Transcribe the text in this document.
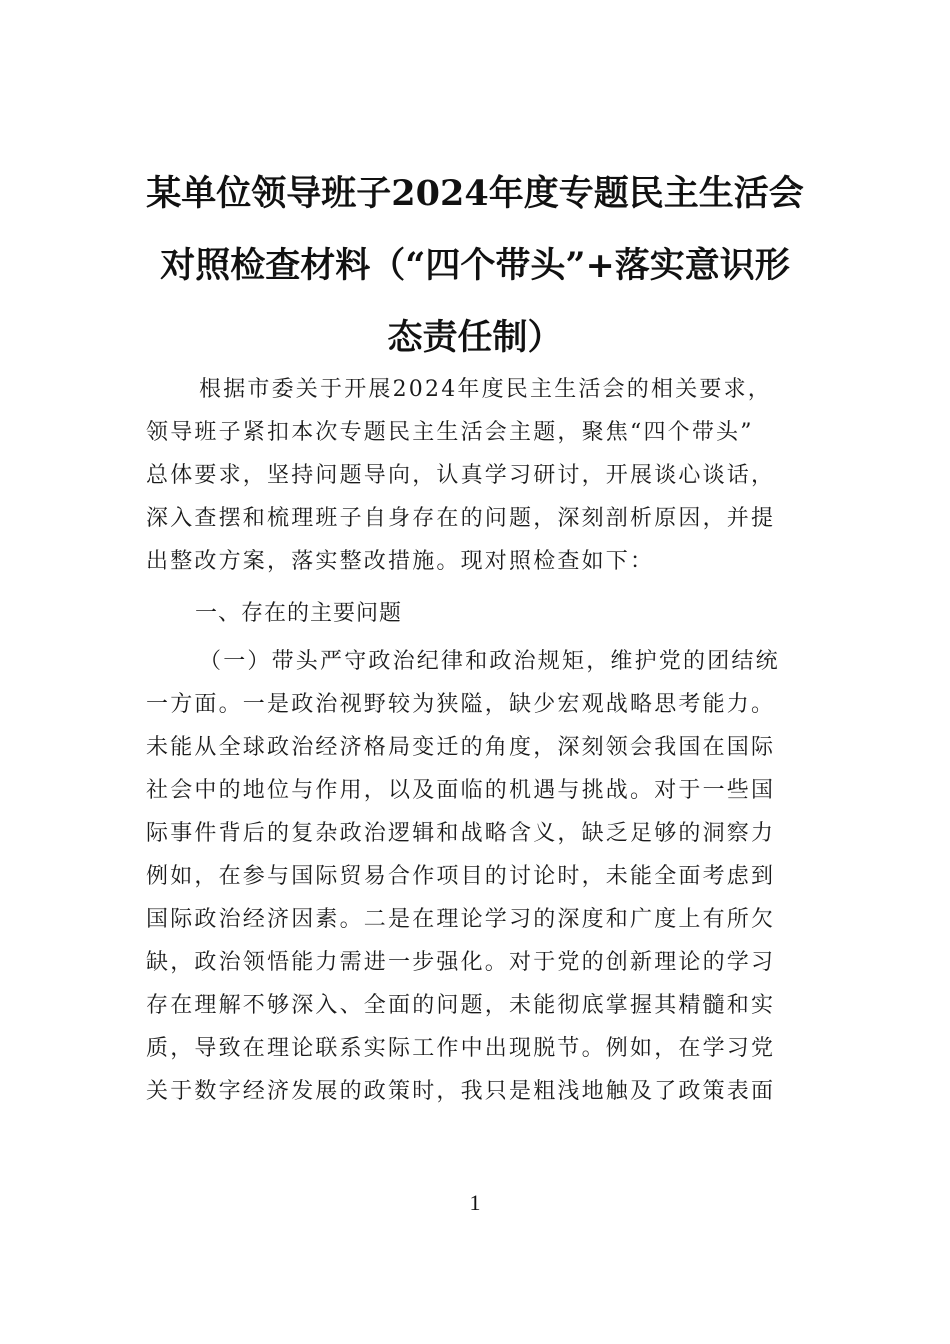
某单位领导班子2024年度专题民主生活会
对照检查材料（“四个带头”+落实意识形
态责任制）
根据市委关于开展2024年度民主生活会的相关要求，
领导班子紧扣本次专题民主生活会主题，聚焦“四个带头”
总体要求，坚持问题导向，认真学习研讨，开展谈心谈话，
深入查摆和梳理班子自身存在的问题，深刻剖析原因，并提
出整改方案，落实整改措施。现对照检查如下：
一、存在的主要问题
（一）带头严守政治纪律和政治规矩，维护党的团结统
一方面。一是政治视野较为狭隘，缺少宏观战略思考能力。
未能从全球政治经济格局变迁的角度，深刻领会我国在国际
社会中的地位与作用，以及面临的机遇与挑战。对于一些国
际事件背后的复杂政治逻辑和战略含义，缺乏足够的洞察力
例如，在参与国际贸易合作项目的讨论时，未能全面考虑到
国际政治经济因素。二是在理论学习的深度和广度上有所欠
缺，政治领悟能力需进一步强化。对于党的创新理论的学习
存在理解不够深入、全面的问题，未能彻底掌握其精髓和实
质，导致在理论联系实际工作中出现脱节。例如，在学习党
关于数字经济发展的政策时，我只是粗浅地触及了政策表面
1
